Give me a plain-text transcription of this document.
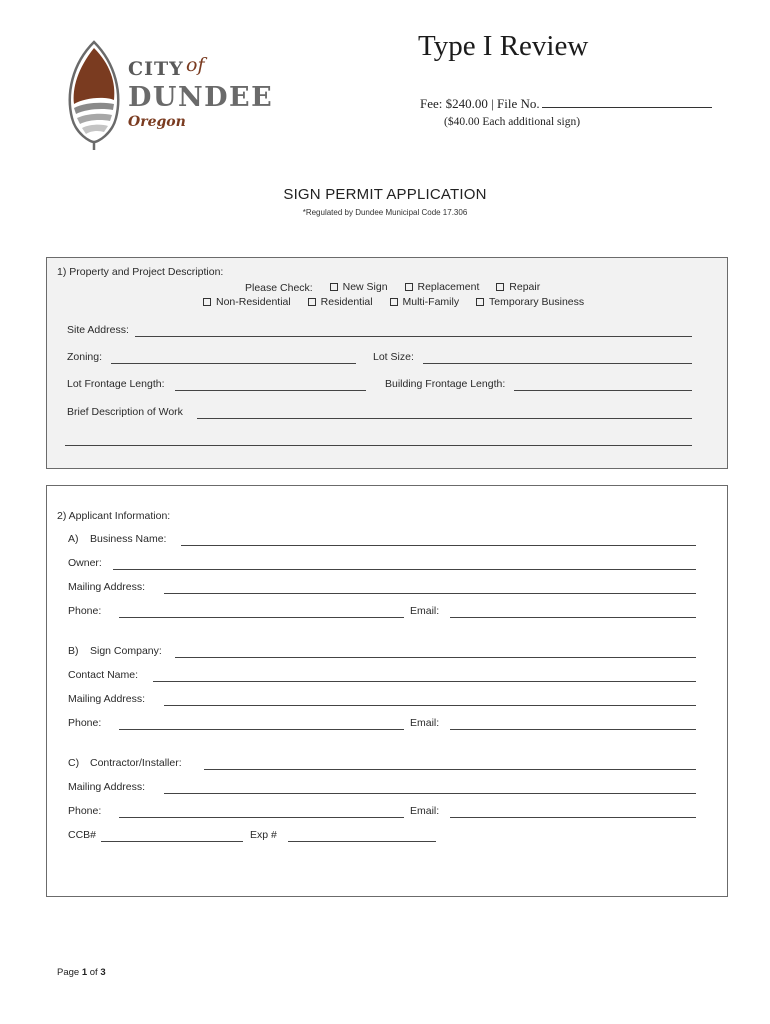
CITY of
DUNDEE
Oregon
Type I Review
Fee: $240.00 | File No.
($40.00 Each additional sign)
SIGN PERMIT APPLICATION
*Regulated by Dundee Municipal Code 17.306
1) Property and Project Description:
Please Check:	New Sign
	Replacement
	Repair
Non-Residential
	Residential
	Multi-Family
	Temporary Business
Site Address:
Zoning:	Lot Size:
Lot Frontage Length:	Building Frontage Length:
Brief Description of Work
2) Applicant Information:
A) Business Name:
Owner:
Mailing Address:
Phone:	Email:
B) Sign Company:
Contact Name:
Mailing Address:
Phone:	Email:
C) Contractor/Installer:
Mailing Address:
Phone:	Email:
CCB#	Exp #
Page 1 of 3
